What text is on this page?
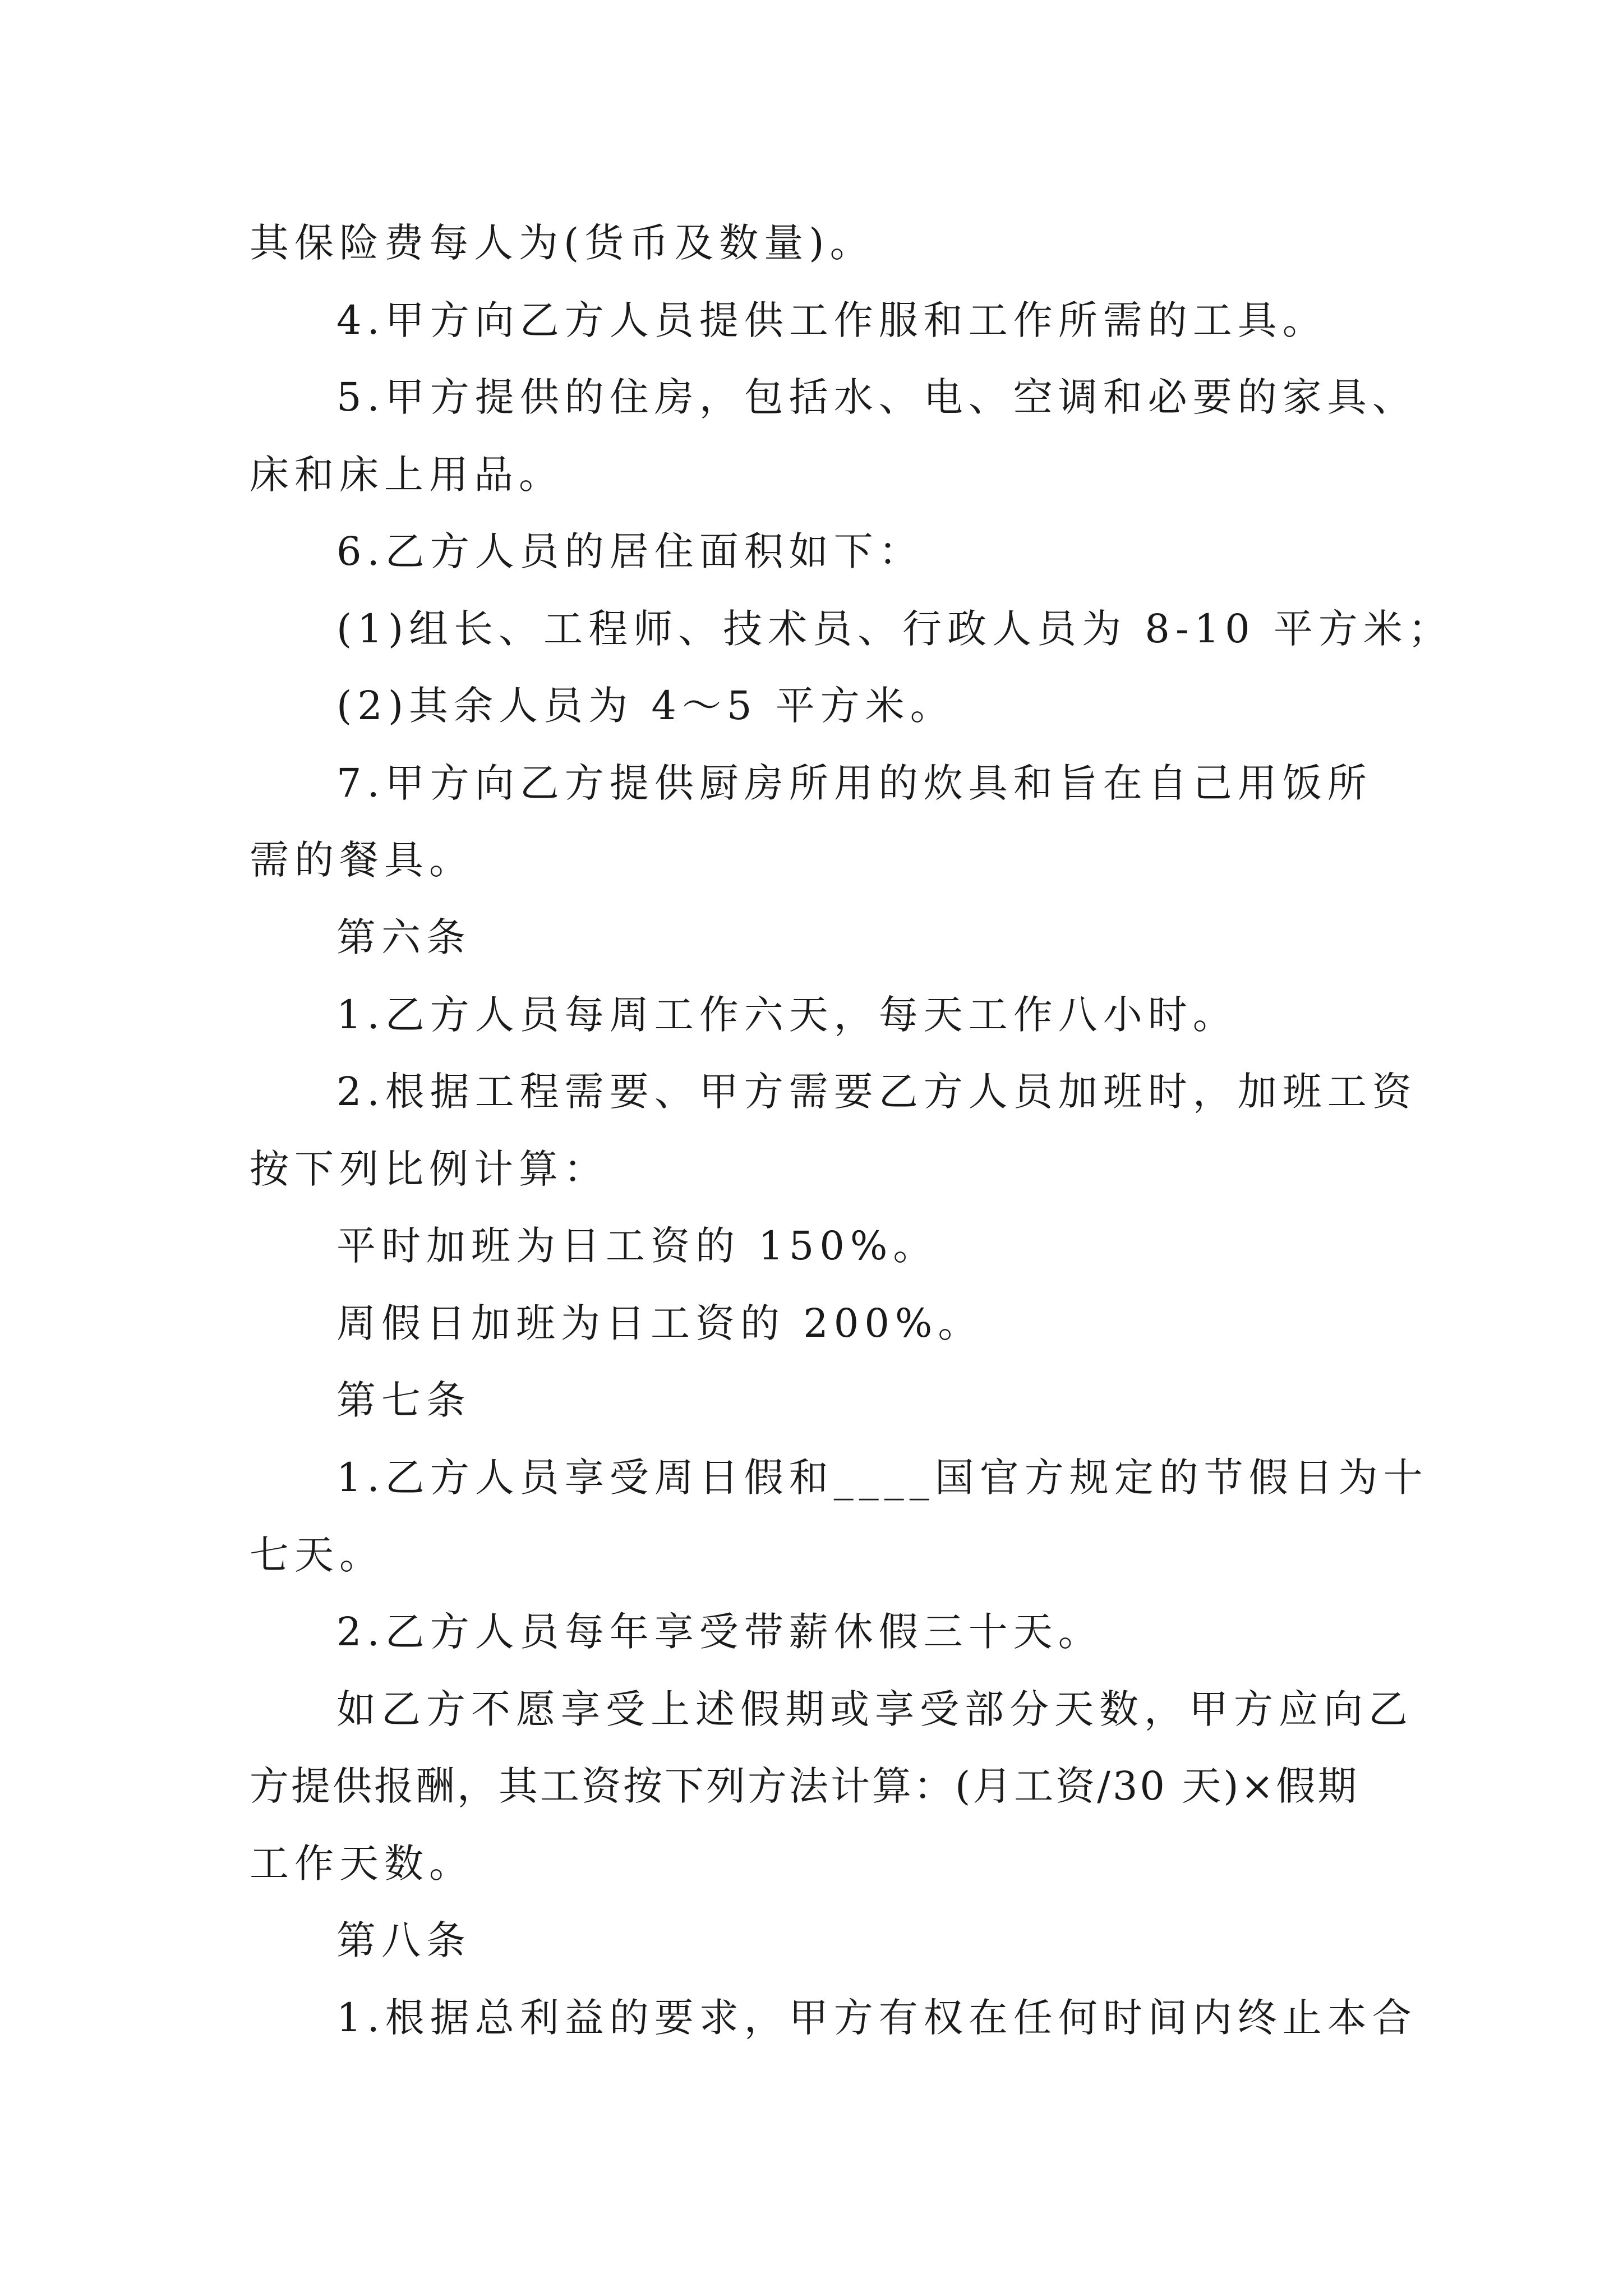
其保险费每人为(货币及数量)。
4.甲方向乙方人员提供工作服和工作所需的工具。
5.甲方提供的住房，包括水、电、空调和必要的家具、
床和床上用品。
6.乙方人员的居住面积如下：
(1)组长、工程师、技术员、行政人员为 8-10 平方米；
(2)其余人员为 4～5 平方米。
7.甲方向乙方提供厨房所用的炊具和旨在自己用饭所
需的餐具。
第六条
1.乙方人员每周工作六天，每天工作八小时。
2.根据工程需要、甲方需要乙方人员加班时，加班工资
按下列比例计算：
平时加班为日工资的 150%。
周假日加班为日工资的 200%。
第七条
1.乙方人员享受周日假和____国官方规定的节假日为十
七天。
2.乙方人员每年享受带薪休假三十天。
如乙方不愿享受上述假期或享受部分天数，甲方应向乙
方提供报酬，其工资按下列方法计算：(月工资/30 天)×假期
工作天数。
第八条
1.根据总利益的要求，甲方有权在任何时间内终止本合
